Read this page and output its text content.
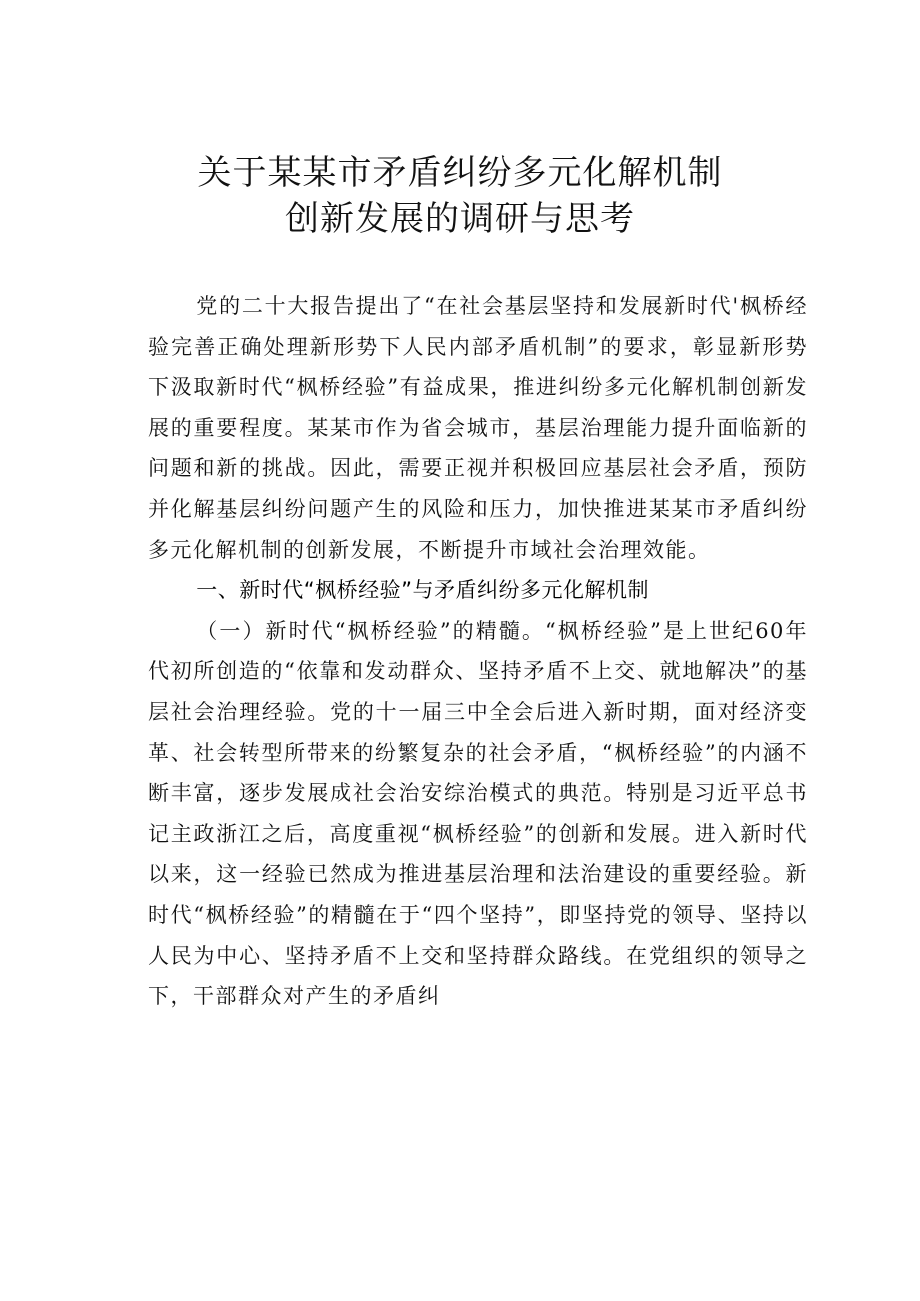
关于某某市矛盾纠纷多元化解机制
创新发展的调研与思考

党的二十大报告提出了“在社会基层坚持和发展新时代'枫桥经验完善正确处理新形势下人民内部矛盾机制”的要求，彰显新形势下汲取新时代“枫桥经验”有益成果，推进纠纷多元化解机制创新发展的重要程度。某某市作为省会城市，基层治理能力提升面临新的问题和新的挑战。因此，需要正视并积极回应基层社会矛盾，预防并化解基层纠纷问题产生的风险和压力，加快推进某某市矛盾纠纷多元化解机制的创新发展，不断提升市域社会治理效能。

一、新时代“枫桥经验”与矛盾纠纷多元化解机制

（一）新时代“枫桥经验”的精髓。“枫桥经验”是上世纪60年代初所创造的“依靠和发动群众、坚持矛盾不上交、就地解决”的基层社会治理经验。党的十一届三中全会后进入新时期，面对经济变革、社会转型所带来的纷繁复杂的社会矛盾，“枫桥经验”的内涵不断丰富，逐步发展成社会治安综治模式的典范。特别是习近平总书记主政浙江之后，高度重视“枫桥经验”的创新和发展。进入新时代以来，这一经验已然成为推进基层治理和法治建设的重要经验。新时代“枫桥经验”的精髓在于“四个坚持”，即坚持党的领导、坚持以人民为中心、坚持矛盾不上交和坚持群众路线。在党组织的领导之下，干部群众对产生的矛盾纠
